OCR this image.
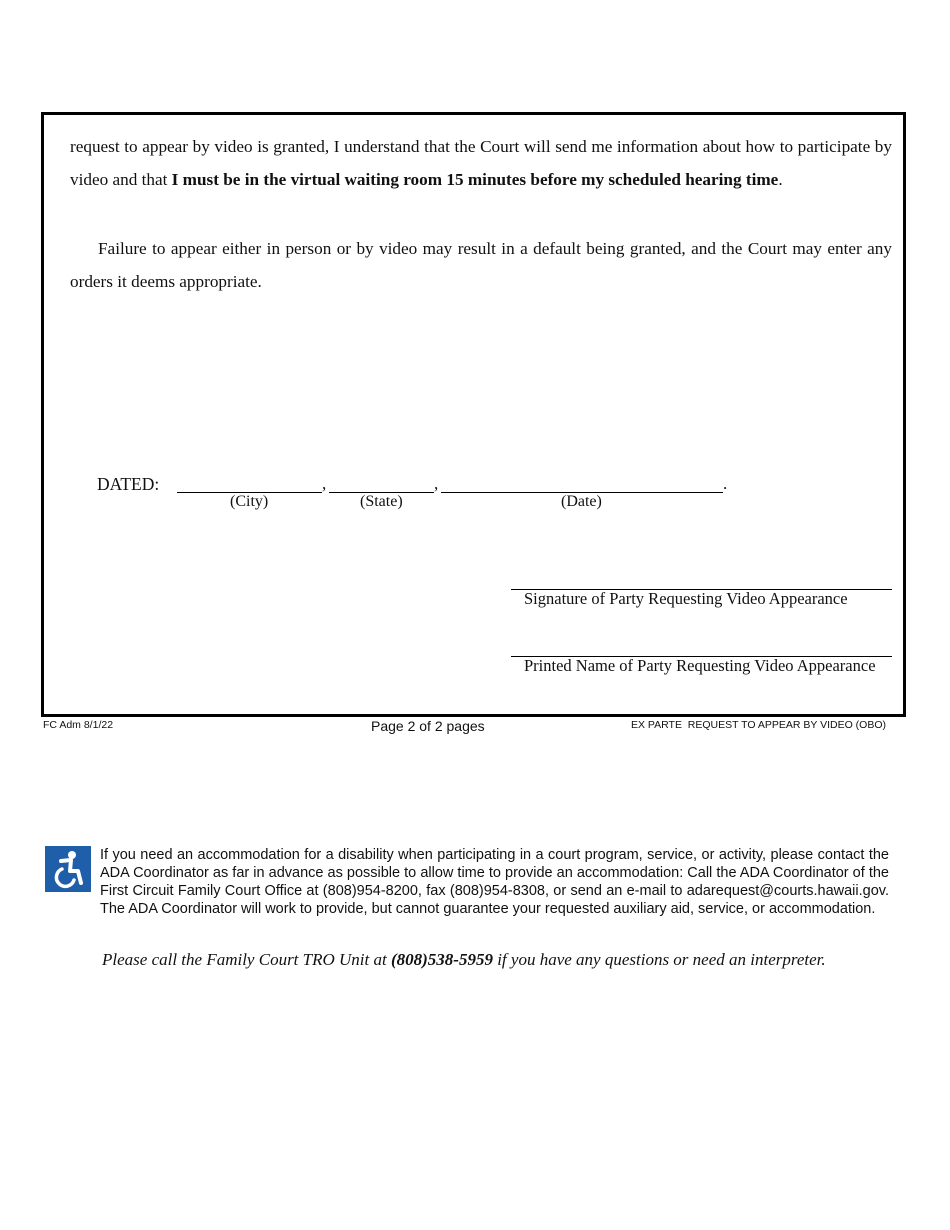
request to appear by video is granted, I understand that the Court will send me information about how to participate by video and that I must be in the virtual waiting room 15 minutes before my scheduled hearing time.

Failure to appear either in person or by video may result in a default being granted, and the Court may enter any orders it deems appropriate.

DATED:	,	,	.
(City)	(State)	(Date)
Signature of Party Requesting Video Appearance
Printed Name of Party Requesting Video Appearance
FC Adm 8/1/22	Page 2 of 2 pages	EX PARTE  REQUEST TO APPEAR BY VIDEO (OBO)

If you need an accommodation for a disability when participating in a court program, service, or activity, please contact the ADA Coordinator as far in advance as possible to allow time to provide an accommodation: Call the ADA Coordinator of the First Circuit Family Court Office at (808)954-8200, fax (808)954-8308, or send an e-mail to adarequest@courts.hawaii.gov. The ADA Coordinator will work to provide, but cannot guarantee your requested auxiliary aid, service, or accommodation.

Please call the Family Court TRO Unit at (808)538-5959 if you have any questions or need an interpreter.
